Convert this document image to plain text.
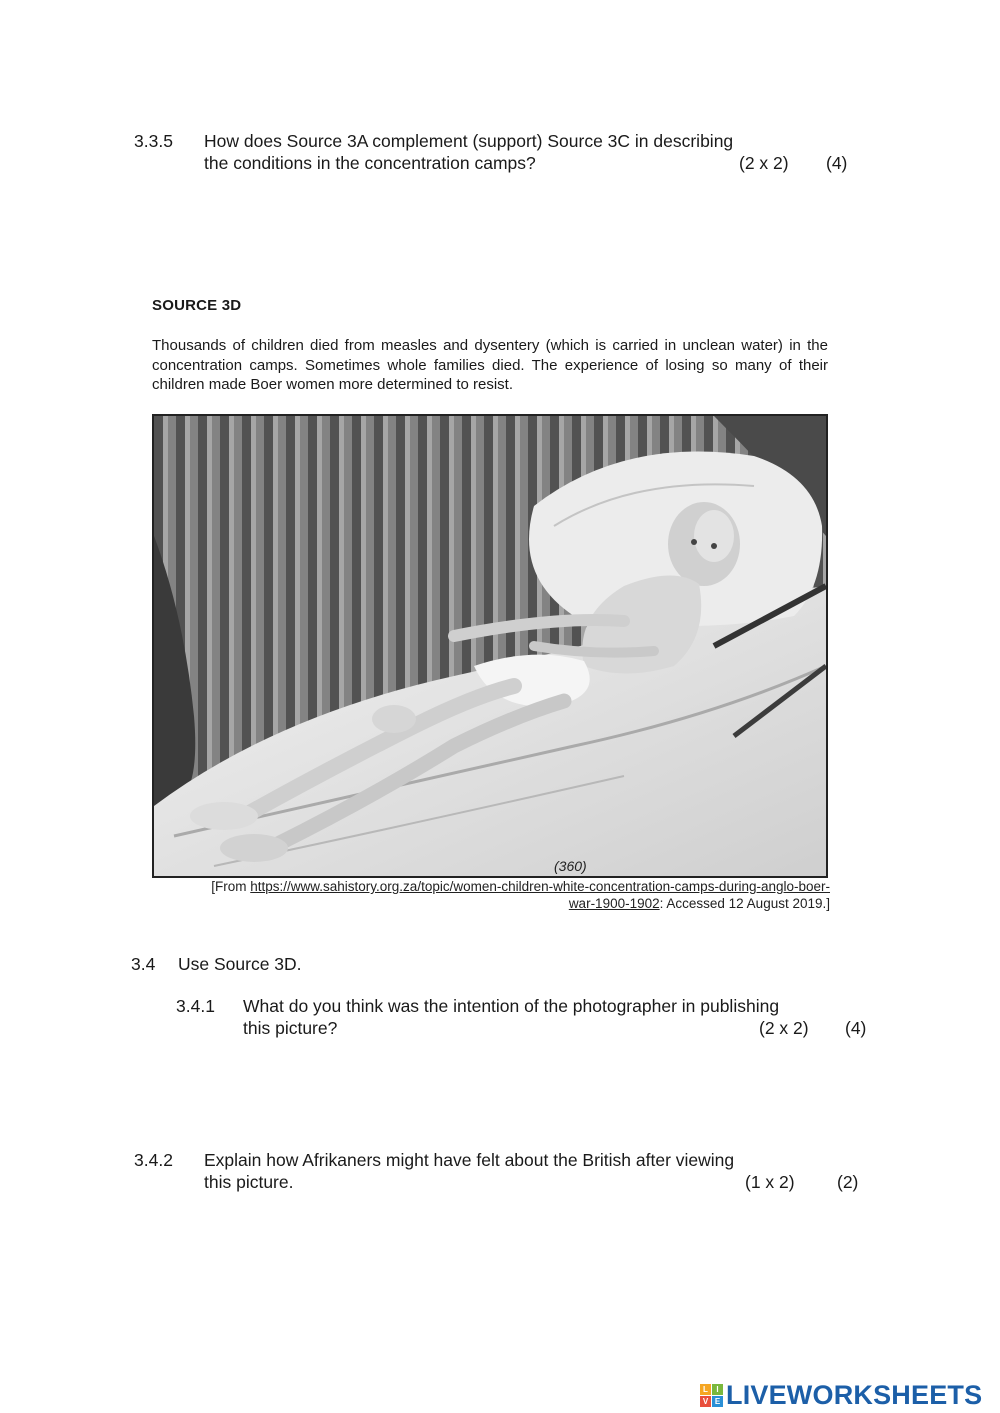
3.3.5 How does Source 3A complement (support) Source 3C in describing
the conditions in the concentration camps?	(2 x 2) (4)
SOURCE 3D
Thousands of children died from measles and dysentery (which is carried in unclean water) in the concentration camps. Sometimes whole families died. The experience of losing so many of their children made Boer women more determined to resist.
(360)
[From https://www.sahistory.org.za/topic/women-children-white-concentration-camps-during-anglo-boer-
war-1900-1902: Accessed 12 August 2019.]
3.4 Use Source 3D.
3.4.1 What do you think was the intention of the photographer in publishing
this picture?	(2 x 2) (4)
3.4.2 Explain how Afrikaners might have felt about the British after viewing
this picture.	(1 x 2) (2)
L	I
V E LIVEWORKSHEETS
